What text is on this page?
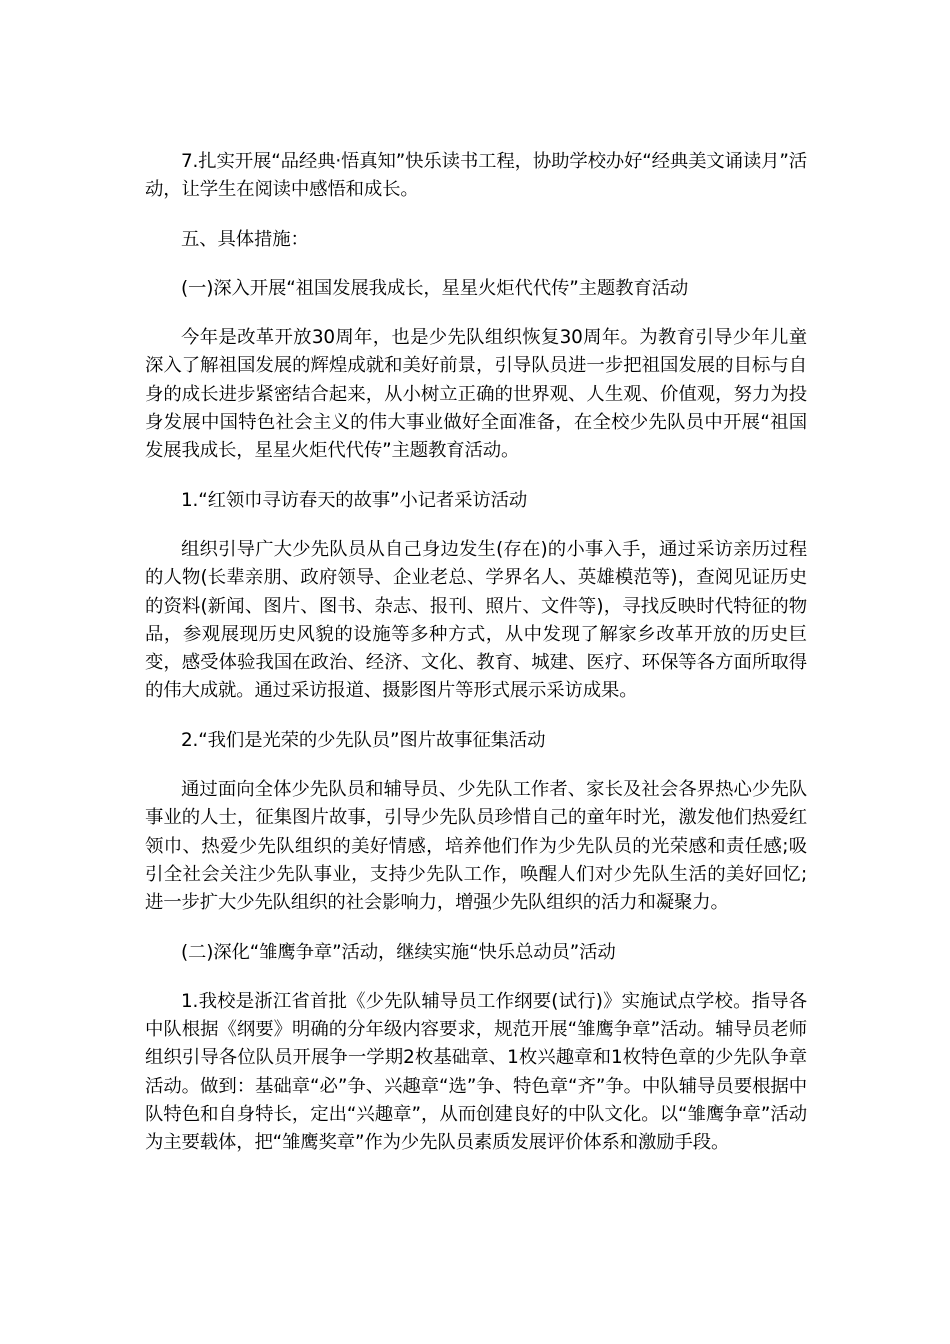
7.扎实开展“品经典·悟真知”快乐读书工程，协助学校办好“经典美文诵读月”活动，让学生在阅读中感悟和成长。

五、具体措施：

(一)深入开展“祖国发展我成长，星星火炬代代传”主题教育活动

今年是改革开放30周年，也是少先队组织恢复30周年。为教育引导少年儿童深入了解祖国发展的辉煌成就和美好前景，引导队员进一步把祖国发展的目标与自身的成长进步紧密结合起来，从小树立正确的世界观、人生观、价值观，努力为投身发展中国特色社会主义的伟大事业做好全面准备，在全校少先队员中开展“祖国发展我成长，星星火炬代代传”主题教育活动。

1.“红领巾寻访春天的故事”小记者采访活动

组织引导广大少先队员从自己身边发生(存在)的小事入手，通过采访亲历过程的人物(长辈亲朋、政府领导、企业老总、学界名人、英雄模范等)，查阅见证历史的资料(新闻、图片、图书、杂志、报刊、照片、文件等)，寻找反映时代特征的物品，参观展现历史风貌的设施等多种方式，从中发现了解家乡改革开放的历史巨变，感受体验我国在政治、经济、文化、教育、城建、医疗、环保等各方面所取得的伟大成就。通过采访报道、摄影图片等形式展示采访成果。

2.“我们是光荣的少先队员”图片故事征集活动

通过面向全体少先队员和辅导员、少先队工作者、家长及社会各界热心少先队事业的人士，征集图片故事，引导少先队员珍惜自己的童年时光，激发他们热爱红领巾、热爱少先队组织的美好情感，培养他们作为少先队员的光荣感和责任感;吸引全社会关注少先队事业，支持少先队工作，唤醒人们对少先队生活的美好回忆;进一步扩大少先队组织的社会影响力，增强少先队组织的活力和凝聚力。

(二)深化“雏鹰争章”活动，继续实施“快乐总动员”活动

1.我校是浙江省首批《少先队辅导员工作纲要(试行)》实施试点学校。指导各中队根据《纲要》明确的分年级内容要求，规范开展“雏鹰争章”活动。辅导员老师组织引导各位队员开展争一学期2枚基础章、1枚兴趣章和1枚特色章的少先队争章活动。做到：基础章“必”争、兴趣章“选”争、特色章“齐”争。中队辅导员要根据中队特色和自身特长，定出“兴趣章”，从而创建良好的中队文化。以“雏鹰争章”活动为主要载体，把“雏鹰奖章”作为少先队员素质发展评价体系和激励手段。
